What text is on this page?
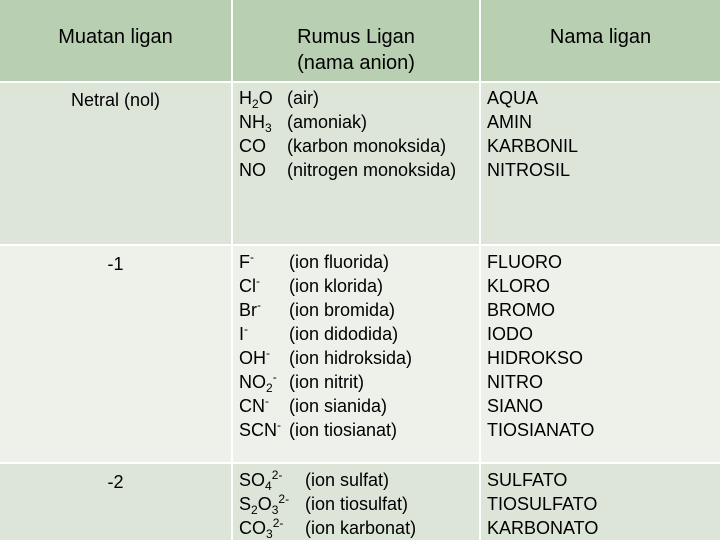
Muatan ligan	Rumus Ligan
(nama anion)
Nama ligan
Netral (nol)
-1
-2
$H_2O$ (air)
$NH_3$ (amoniak)
CO (karbon monoksida)
NO (nitrogen monoksida)
AQUA
AMIN
KARBONIL
NITROSIL
F- (ion fluorida)
Cl- (ion klorida)
Br- (ion bromida)
I- (ion didodida)
OH- (ion hidroksida)
$NO_2^-$ (ion nitrit)
CN- (ion sianida)
SCN- (ion tiosianat)
FLUORO
KLORO
BROMO
IODO
HIDROKSO
NITRO
SIANO
TIOSIANATO
$SO_4^{2-}$ (ion sulfat)
$S_2O_3^{2-}$ (ion tiosulfat)
$CO_3^{2-}$ (ion karbonat)
SULFATO
TIOSULFATO
KARBONATO
